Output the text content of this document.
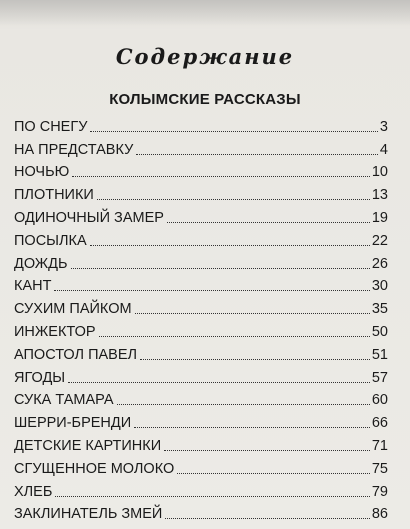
Содержание
КОЛЫМСКИЕ РАССКАЗЫ
ПО СНЕГУ	3
НА ПРЕДСТАВКУ	4
НОЧЬЮ	10
ПЛОТНИКИ	13
ОДИНОЧНЫЙ ЗАМЕР	19
ПОСЫЛКА	22
ДОЖДЬ	26
КАНТ	30
СУХИМ ПАЙКОМ	35
ИНЖЕКТОР	50
АПОСТОЛ ПАВЕЛ	51
ЯГОДЫ	57
СУКА ТАМАРА	60
ШЕРРИ-БРЕНДИ	66
ДЕТСКИЕ КАРТИНКИ	71
СГУЩЕННОЕ МОЛОКО	75
ХЛЕБ	79
ЗАКЛИНАТЕЛЬ ЗМЕЙ	86
